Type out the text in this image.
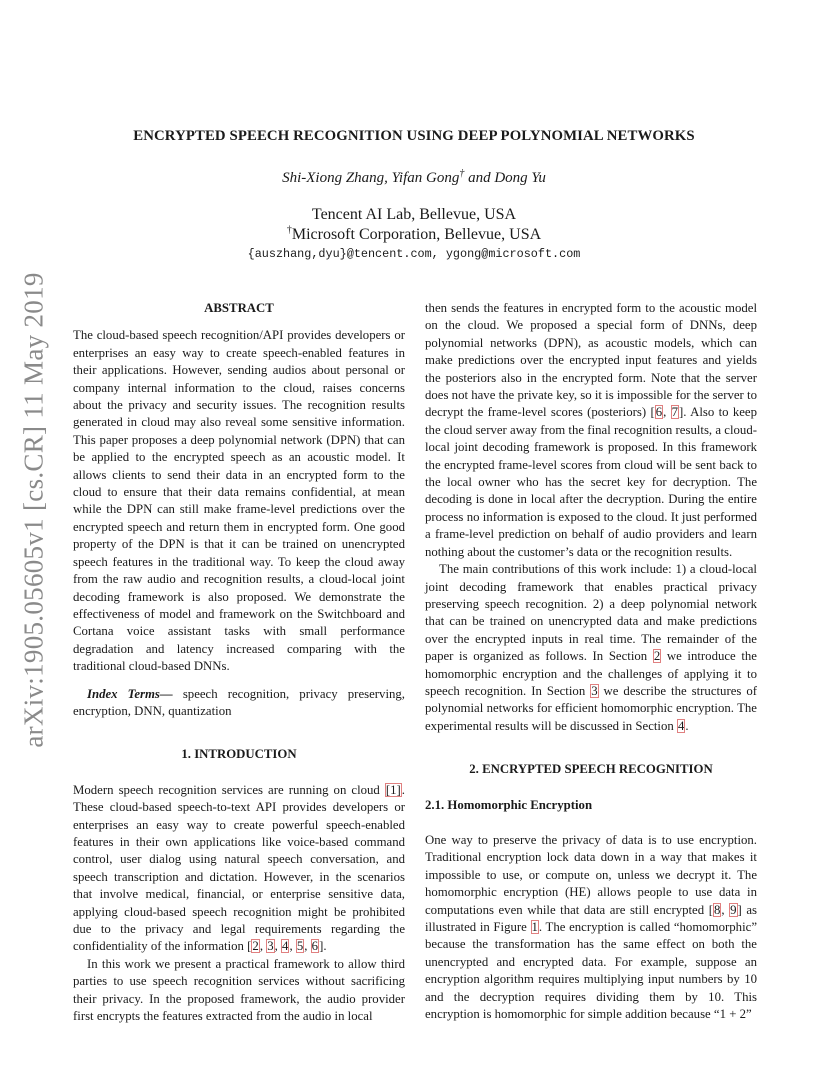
arXiv:1905.05605v1 [cs.CR] 11 May 2019
ENCRYPTED SPEECH RECOGNITION USING DEEP POLYNOMIAL NETWORKS
Shi-Xiong Zhang, Yifan Gong† and Dong Yu
Tencent AI Lab, Bellevue, USA
†Microsoft Corporation, Bellevue, USA
{auszhang,dyu}@tencent.com, ygong@microsoft.com

ABSTRACT

The cloud-based speech recognition/API provides developers or enterprises an easy way to create speech-enabled features in their applications. However, sending audios about personal or company internal information to the cloud, raises concerns about the privacy and security issues. The recognition results generated in cloud may also reveal some sensitive information. This paper proposes a deep polynomial network (DPN) that can be applied to the encrypted speech as an acoustic model. It allows clients to send their data in an encrypted form to the cloud to ensure that their data remains confidential, at mean while the DPN can still make frame-level predictions over the encrypted speech and return them in encrypted form. One good property of the DPN is that it can be trained on unencrypted speech features in the traditional way. To keep the cloud away from the raw audio and recognition results, a cloud-local joint decoding framework is also proposed. We demonstrate the effectiveness of model and framework on the Switchboard and Cortana voice assistant tasks with small performance degradation and latency increased comparing with the traditional cloud-based DNNs.

Index Terms— speech recognition, privacy preserving, encryption, DNN, quantization

1. INTRODUCTION

Modern speech recognition services are running on cloud [1]. These cloud-based speech-to-text API provides developers or enterprises an easy way to create powerful speech-enabled features in their own applications like voice-based command control, user dialog using natural speech conversation, and speech transcription and dictation. However, in the scenarios that involve medical, financial, or enterprise sensitive data, applying cloud-based speech recognition might be prohibited due to the privacy and legal requirements regarding the confidentiality of the information [2, 3, 4, 5, 6].

In this work we present a practical framework to allow third parties to use speech recognition services without sacrificing their privacy. In the proposed framework, the audio provider first encrypts the features extracted from the audio in local

then sends the features in encrypted form to the acoustic model on the cloud. We proposed a special form of DNNs, deep polynomial networks (DPN), as acoustic models, which can make predictions over the encrypted input features and yields the posteriors also in the encrypted form. Note that the server does not have the private key, so it is impossible for the server to decrypt the frame-level scores (posteriors) [6, 7]. Also to keep the cloud server away from the final recognition results, a cloud-local joint decoding framework is proposed. In this framework the encrypted frame-level scores from cloud will be sent back to the local owner who has the secret key for decryption. The decoding is done in local after the decryption. During the entire process no information is exposed to the cloud. It just performed a frame-level prediction on behalf of audio providers and learn nothing about the customer’s data or the recognition results.

The main contributions of this work include: 1) a cloud-local joint decoding framework that enables practical privacy preserving speech recognition. 2) a deep polynomial network that can be trained on unencrypted data and make predictions over the encrypted inputs in real time. The remainder of the paper is organized as follows. In Section 2 we introduce the homomorphic encryption and the challenges of applying it to speech recognition. In Section 3 we describe the structures of polynomial networks for efficient homomorphic encryption. The experimental results will be discussed in Section 4.

2. ENCRYPTED SPEECH RECOGNITION

2.1. Homomorphic Encryption

One way to preserve the privacy of data is to use encryption. Traditional encryption lock data down in a way that makes it impossible to use, or compute on, unless we decrypt it. The homomorphic encryption (HE) allows people to use data in computations even while that data are still encrypted [8, 9] as illustrated in Figure 1. The encryption is called “homomorphic” because the transformation has the same effect on both the unencrypted and encrypted data. For example, suppose an encryption algorithm requires multiplying input numbers by 10 and the decryption requires dividing them by 10. This encryption is homomorphic for simple addition because “1 + 2”
